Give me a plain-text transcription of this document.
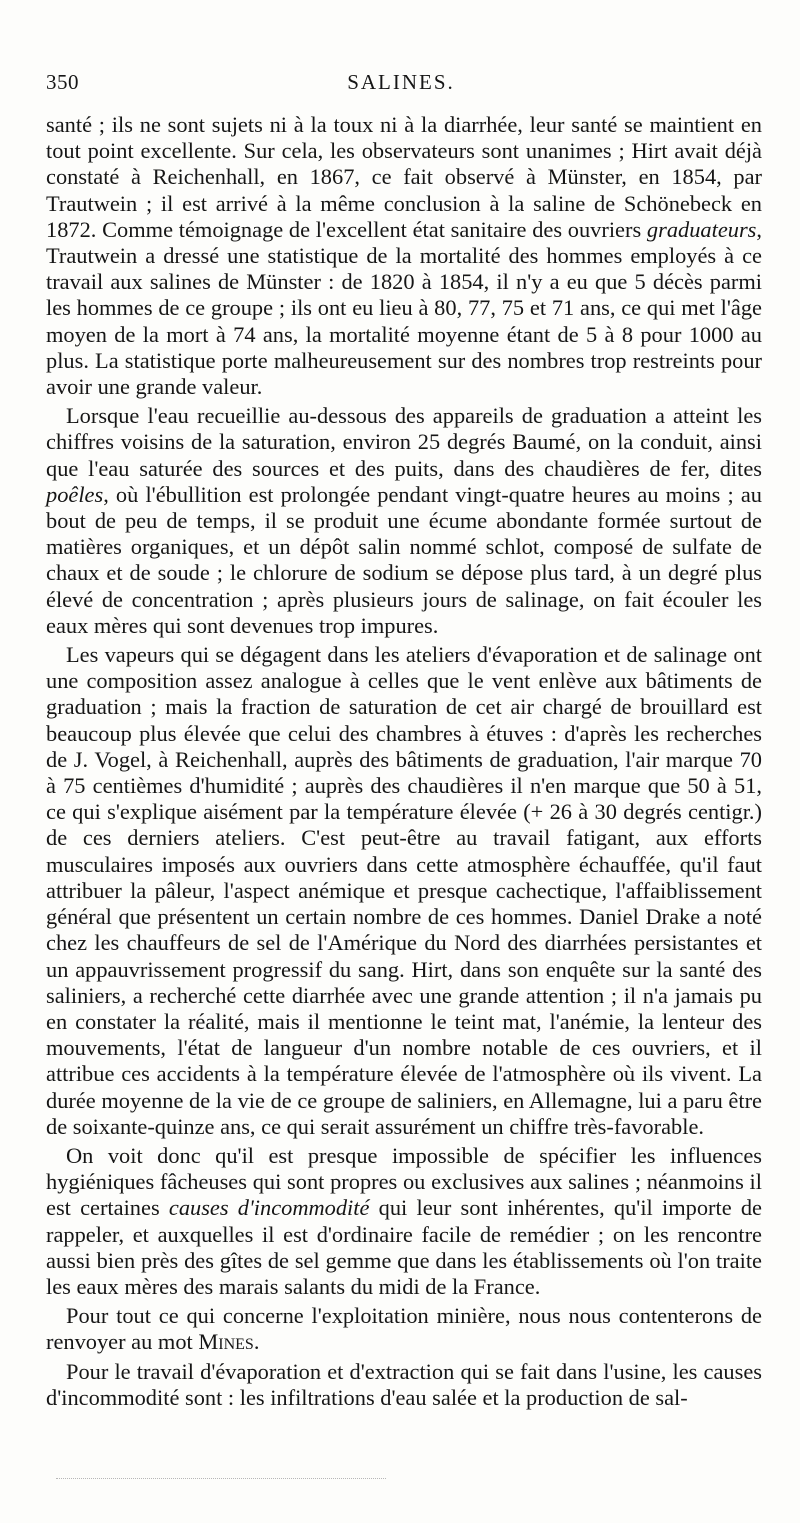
350	SALINES.

santé ; ils ne sont sujets ni à la toux ni à la diarrhée, leur santé se maintient en tout point excellente. Sur cela, les observateurs sont unanimes ; Hirt avait déjà constaté à Reichenhall, en 1867, ce fait observé à Münster, en 1854, par Trautwein ; il est arrivé à la même conclusion à la saline de Schönebeck en 1872. Comme témoignage de l'excellent état sanitaire des ouvriers graduateurs, Trautwein a dressé une statistique de la mortalité des hommes employés à ce travail aux salines de Münster : de 1820 à 1854, il n'y a eu que 5 décès parmi les hommes de ce groupe ; ils ont eu lieu à 80, 77, 75 et 71 ans, ce qui met l'âge moyen de la mort à 74 ans, la mortalité moyenne étant de 5 à 8 pour 1000 au plus. La statistique porte malheureusement sur des nombres trop restreints pour avoir une grande valeur.

Lorsque l'eau recueillie au-dessous des appareils de graduation a atteint les chiffres voisins de la saturation, environ 25 degrés Baumé, on la conduit, ainsi que l'eau saturée des sources et des puits, dans des chaudières de fer, dites poêles, où l'ébullition est prolongée pendant vingt-quatre heures au moins ; au bout de peu de temps, il se produit une écume abondante formée surtout de matières organiques, et un dépôt salin nommé schlot, composé de sulfate de chaux et de soude ; le chlorure de sodium se dépose plus tard, à un degré plus élevé de concentration ; après plusieurs jours de salinage, on fait écouler les eaux mères qui sont devenues trop impures.

Les vapeurs qui se dégagent dans les ateliers d'évaporation et de salinage ont une composition assez analogue à celles que le vent enlève aux bâtiments de graduation ; mais la fraction de saturation de cet air chargé de brouillard est beaucoup plus élevée que celui des chambres à étuves : d'après les recherches de J. Vogel, à Reichenhall, auprès des bâtiments de graduation, l'air marque 70 à 75 centièmes d'humidité ; auprès des chaudières il n'en marque que 50 à 51, ce qui s'explique aisément par la température élevée (+ 26 à 30 degrés centigr.) de ces derniers ateliers. C'est peut-être au travail fatigant, aux efforts musculaires imposés aux ouvriers dans cette atmosphère échauffée, qu'il faut attribuer la pâleur, l'aspect anémique et presque cachectique, l'affaiblissement général que présentent un certain nombre de ces hommes. Daniel Drake a noté chez les chauffeurs de sel de l'Amérique du Nord des diarrhées persistantes et un appauvrissement progressif du sang. Hirt, dans son enquête sur la santé des saliniers, a recherché cette diarrhée avec une grande attention ; il n'a jamais pu en constater la réalité, mais il mentionne le teint mat, l'anémie, la lenteur des mouvements, l'état de langueur d'un nombre notable de ces ouvriers, et il attribue ces accidents à la température élevée de l'atmosphère où ils vivent. La durée moyenne de la vie de ce groupe de saliniers, en Allemagne, lui a paru être de soixante-quinze ans, ce qui serait assurément un chiffre très-favorable.

On voit donc qu'il est presque impossible de spécifier les influences hygiéniques fâcheuses qui sont propres ou exclusives aux salines ; néanmoins il est certaines causes d'incommodité qui leur sont inhérentes, qu'il importe de rappeler, et auxquelles il est d'ordinaire facile de remédier ; on les rencontre aussi bien près des gîtes de sel gemme que dans les établissements où l'on traite les eaux mères des marais salants du midi de la France.

Pour tout ce qui concerne l'exploitation minière, nous nous contenterons de renvoyer au mot Mines.

Pour le travail d'évaporation et d'extraction qui se fait dans l'usine, les causes d'incommodité sont : les infiltrations d'eau salée et la production de sal-
